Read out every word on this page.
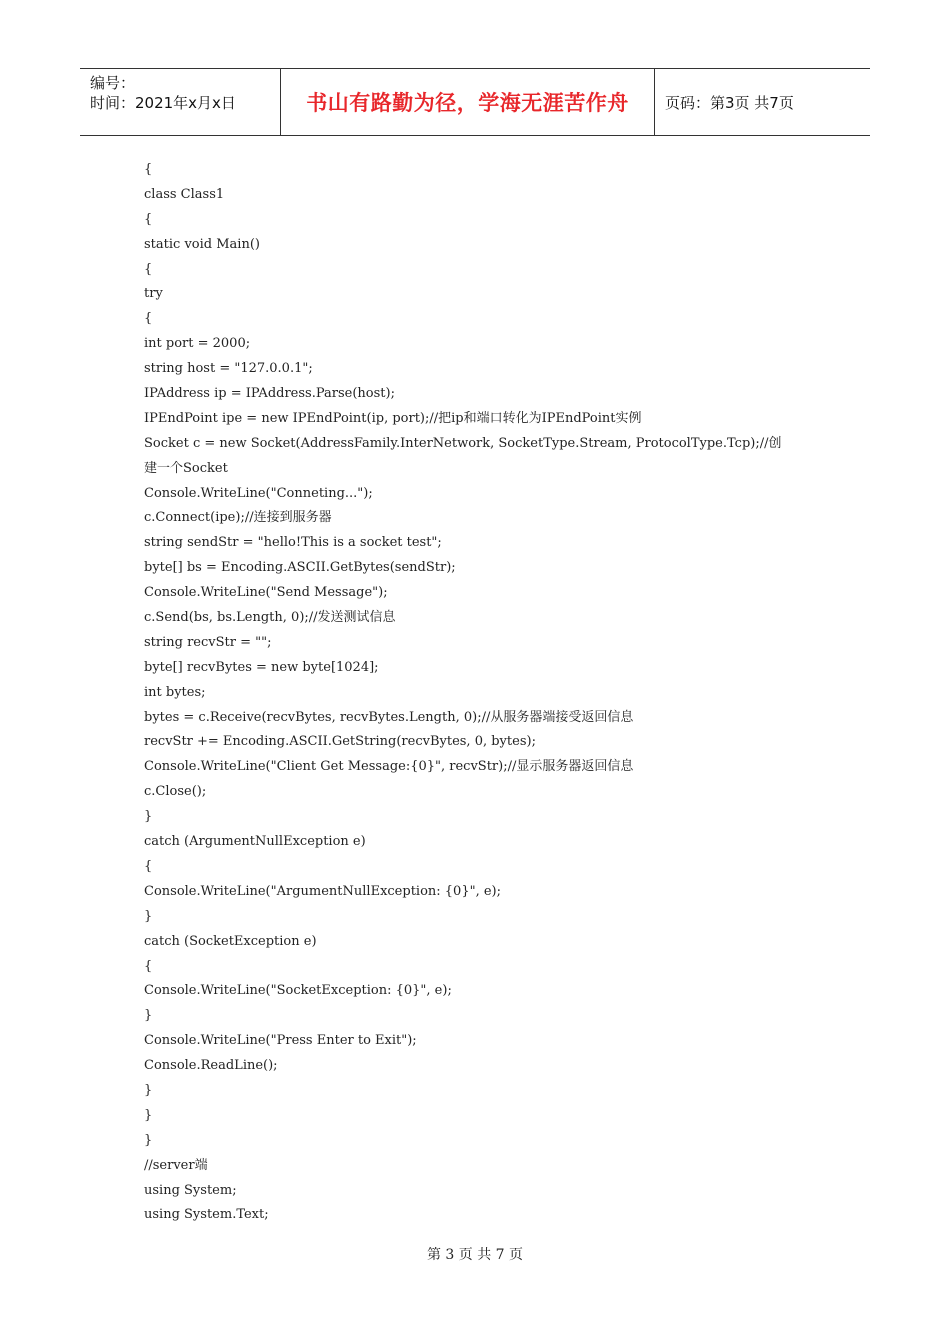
编号：
时间：2021年x月x日	书山有路勤为径，学海无涯苦作舟 页码：第3页 共7页
{
class Class1
{
static void Main()
{
try
{
int port = 2000;
string host = "127.0.0.1";
IPAddress ip = IPAddress.Parse(host);
IPEndPoint ipe = new IPEndPoint(ip, port);//把ip和端口转化为IPEndPoint实例
Socket c = new Socket(AddressFamily.InterNetwork, SocketType.Stream, ProtocolType.Tcp);//创
建一个Socket
Console.WriteLine("Conneting...");
c.Connect(ipe);//连接到服务器
string sendStr = "hello!This is a socket test";
byte[] bs = Encoding.ASCII.GetBytes(sendStr);
Console.WriteLine("Send Message");
c.Send(bs, bs.Length, 0);//发送测试信息
string recvStr = "";
byte[] recvBytes = new byte[1024];
int bytes;
bytes = c.Receive(recvBytes, recvBytes.Length, 0);//从服务器端接受返回信息
recvStr += Encoding.ASCII.GetString(recvBytes, 0, bytes);
Console.WriteLine("Client Get Message:{0}", recvStr);//显示服务器返回信息
c.Close();
}
catch (ArgumentNullException e)
{
Console.WriteLine("ArgumentNullException: {0}", e);
}
catch (SocketException e)
{
Console.WriteLine("SocketException: {0}", e);
}
Console.WriteLine("Press Enter to Exit");
Console.ReadLine();
}
}
}
//server端
using System;
using System.Text;
第 3 页 共 7 页
